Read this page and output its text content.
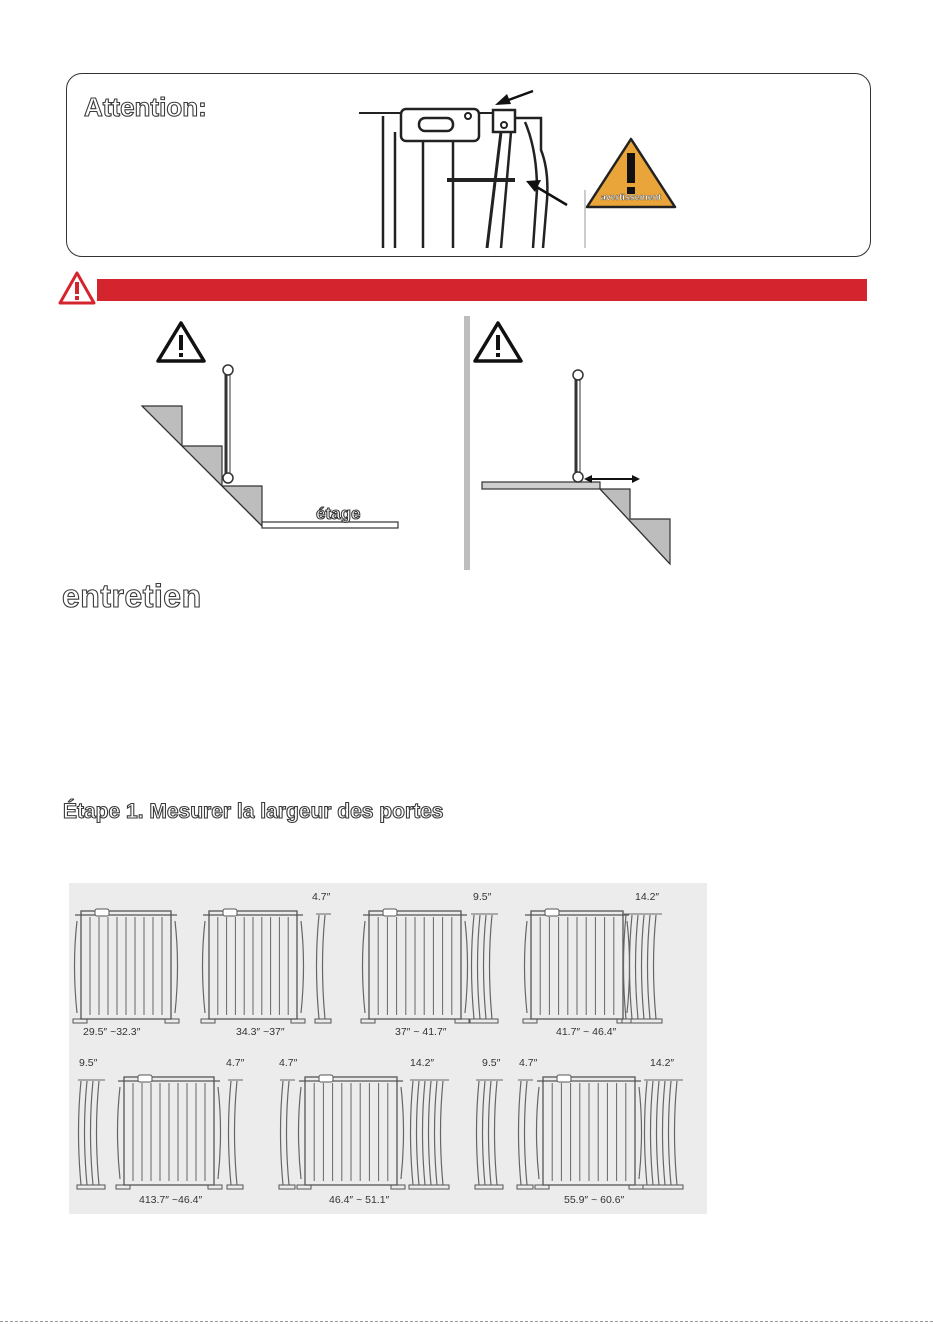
Attention:
avertissement
étage
entretien
Étape 1. Mesurer la largeur des portes
29.5″ ~32.3″	34.3″ ~37″
4.7″
37″ ~ 41.7″
9.5″
41.7″ ~ 46.4″
14.2″
9.5″	4.7″
413.7″ ~46.4″
4.7″	14.2″
46.4″ ~ 51.1″
9.5″ 4.7″	14.2″
55.9″ ~ 60.6″
